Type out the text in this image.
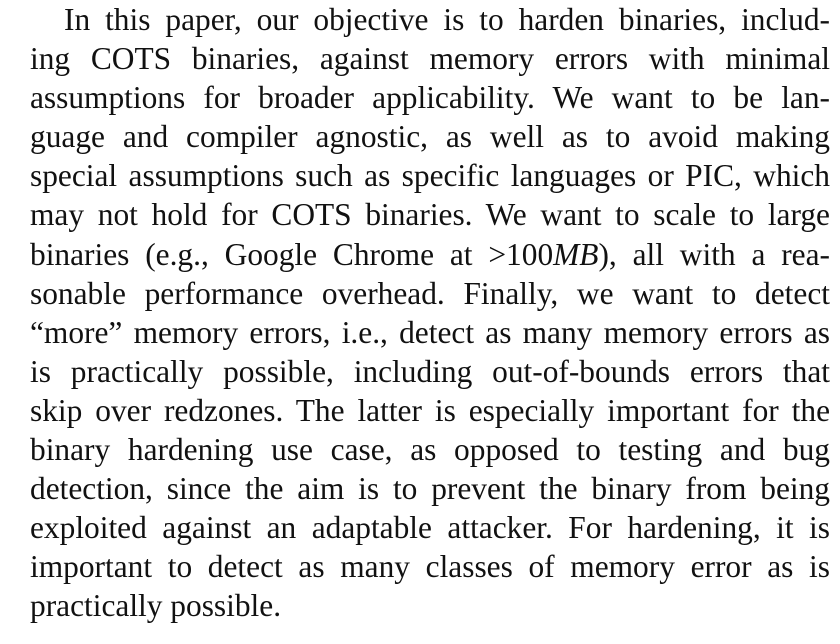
In this paper, our objective is to harden binaries, includ-
ing COTS binaries, against memory errors with minimal
assumptions for broader applicability. We want to be lan-
guage and compiler agnostic, as well as to avoid making
special assumptions such as specific languages or PIC, which
may not hold for COTS binaries. We want to scale to large
binaries (e.g., Google Chrome at >100MB), all with a rea-
sonable performance overhead. Finally, we want to detect
“more” memory errors, i.e., detect as many memory errors as
is practically possible, including out-of-bounds errors that
skip over redzones. The latter is especially important for the
binary hardening use case, as opposed to testing and bug
detection, since the aim is to prevent the binary from being
exploited against an adaptable attacker. For hardening, it is
important to detect as many classes of memory error as is
practically possible.
